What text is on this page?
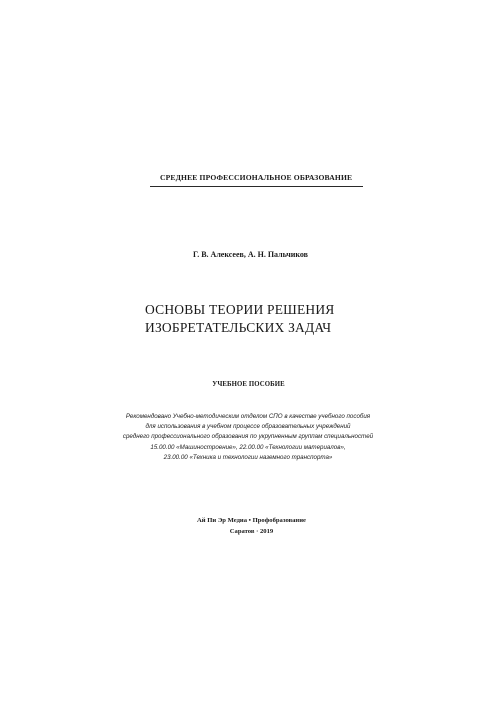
СРЕДНЕЕ ПРОФЕССИОНАЛЬНОЕ ОБРАЗОВАНИЕ
Г. В. Алексеев, А. Н. Пальчиков
ОСНОВЫ ТЕОРИИ РЕШЕНИЯ
ИЗОБРЕТАТЕЛЬСКИХ ЗАДАЧ
УЧЕБНОЕ ПОСОБИЕ
Рекомендовано Учебно-методическим отделом СПО в качестве учебного пособия
для использования в учебном процессе образовательных учреждений
среднего профессионального образования по укрупненным группам специальностей
15.00.00 «Машиностроение», 22.00.00 «Технологии материалов»,
23.00.00 «Техника и технологии наземного транспорта»
Ай Пи Эр Медиа • Профобразование
Саратов · 2019
